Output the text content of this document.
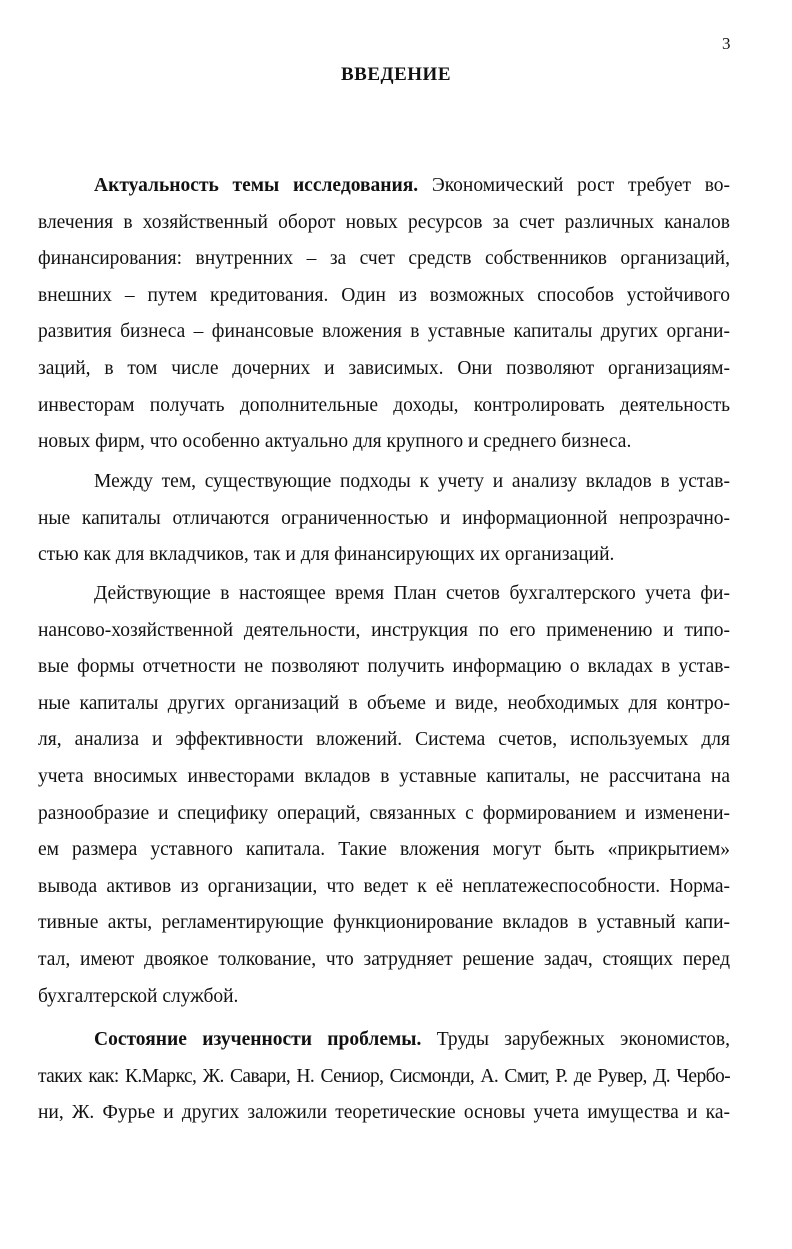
3
ВВЕДЕНИЕ
Актуальность темы исследования. Экономический рост требует во-
влечения в хозяйственный оборот новых ресурсов за счет различных каналов
финансирования: внутренних – за счет средств собственников организаций,
внешних – путем кредитования. Один из возможных способов устойчивого
развития бизнеса – финансовые вложения в уставные капиталы других органи-
заций, в том числе дочерних и зависимых. Они позволяют организациям-
инвесторам получать дополнительные доходы, контролировать деятельность
новых фирм, что особенно актуально для крупного и среднего бизнеса.
Между тем, существующие подходы к учету и анализу вкладов в устав-
ные капиталы отличаются ограниченностью и информационной непрозрачно-
стью как для вкладчиков, так и для финансирующих их организаций.
Действующие в настоящее время План счетов бухгалтерского учета фи-
нансово-хозяйственной деятельности, инструкция по его применению и типо-
вые формы отчетности не позволяют получить информацию о вкладах в устав-
ные капиталы других организаций в объеме и виде, необходимых для контро-
ля, анализа и эффективности вложений. Система счетов, используемых для
учета вносимых инвесторами вкладов в уставные капиталы, не рассчитана на
разнообразие и специфику операций, связанных с формированием и изменени-
ем размера уставного капитала. Такие вложения могут быть «прикрытием»
вывода активов из организации, что ведет к её неплатежеспособности. Норма-
тивные акты, регламентирующие функционирование вкладов в уставный капи-
тал, имеют двоякое толкование, что затрудняет решение задач, стоящих перед
бухгалтерской службой.
Состояние изученности проблемы. Труды зарубежных экономистов,
таких как: К.Маркс, Ж. Савари, Н. Сениор, Сисмонди, А. Смит, Р. де Рувер, Д. Чербо-
ни, Ж. Фурье и других заложили теоретические основы учета имущества и ка-
